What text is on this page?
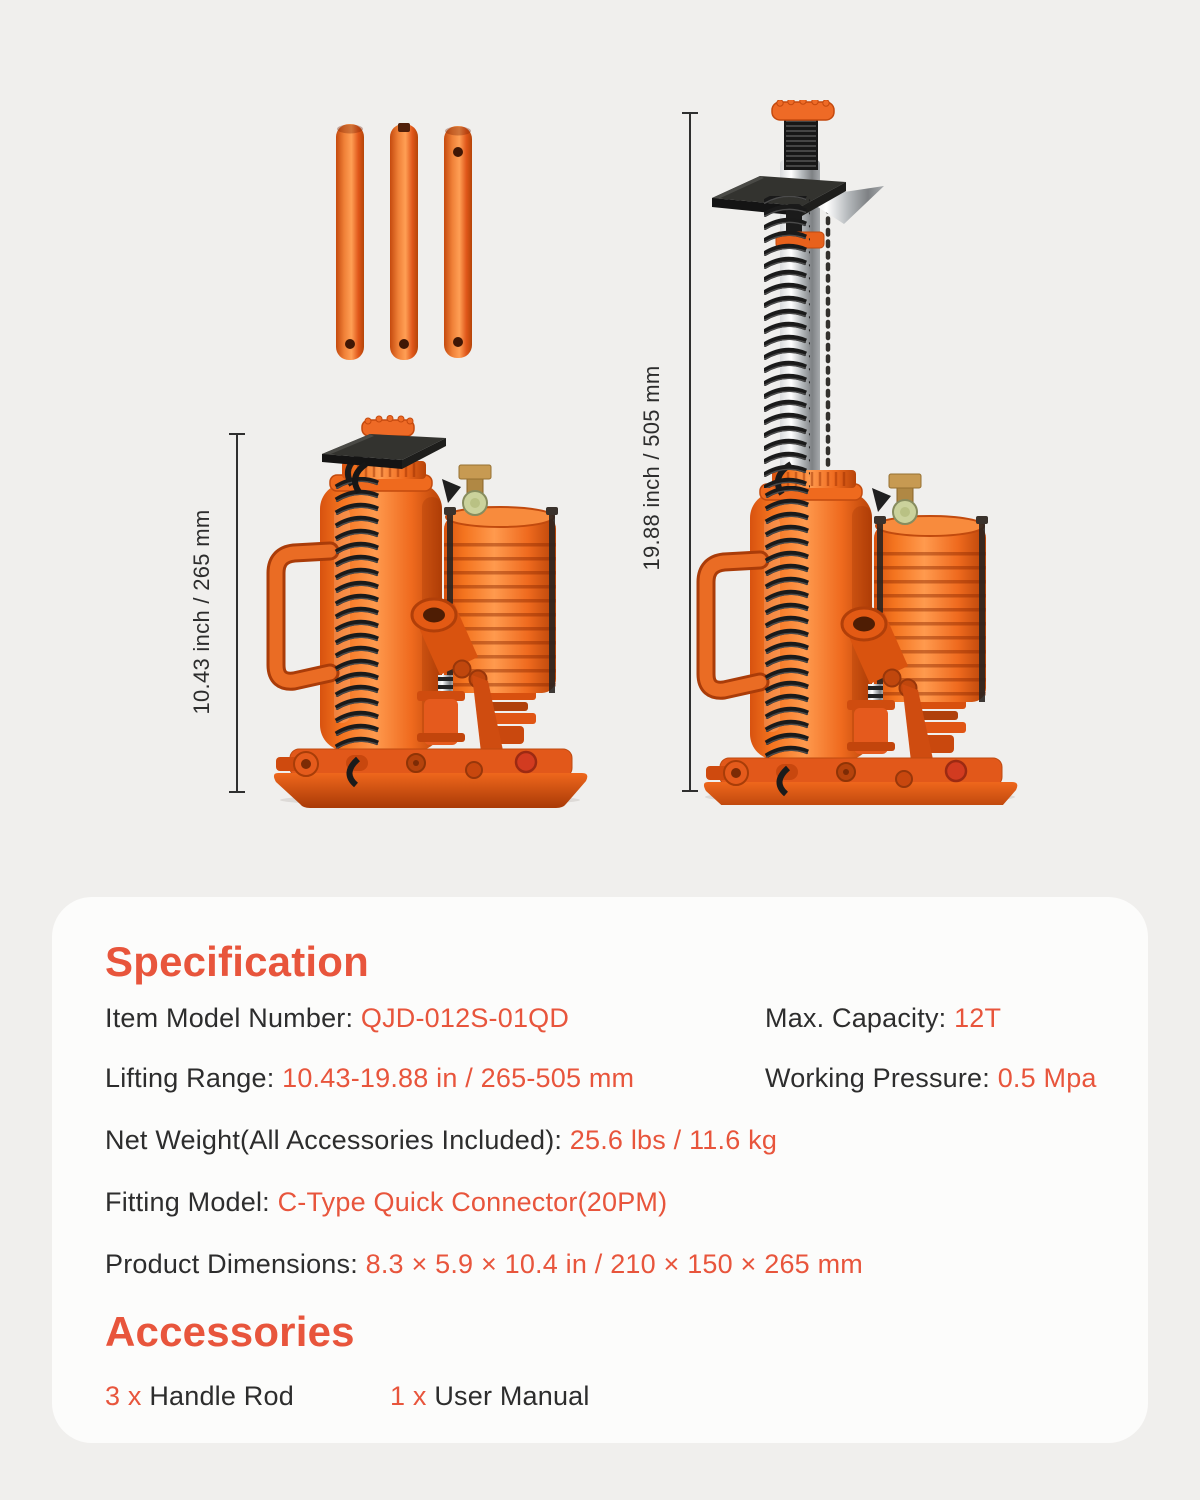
10.43 inch / 265 mm
19.88 inch / 505 mm
Specification
Item Model Number: QJD-012S-01QD	Max. Capacity: 12T
Lifting Range: 10.43-19.88 in / 265-505 mm	Working Pressure: 0.5 Mpa
Net Weight(All Accessories Included): 25.6 lbs / 11.6 kg
Fitting Model: C-Type Quick Connector(20PM)
Product Dimensions: 8.3 × 5.9 × 10.4 in / 210 × 150 × 265 mm
Accessories
3 x Handle Rod	1 x User Manual
